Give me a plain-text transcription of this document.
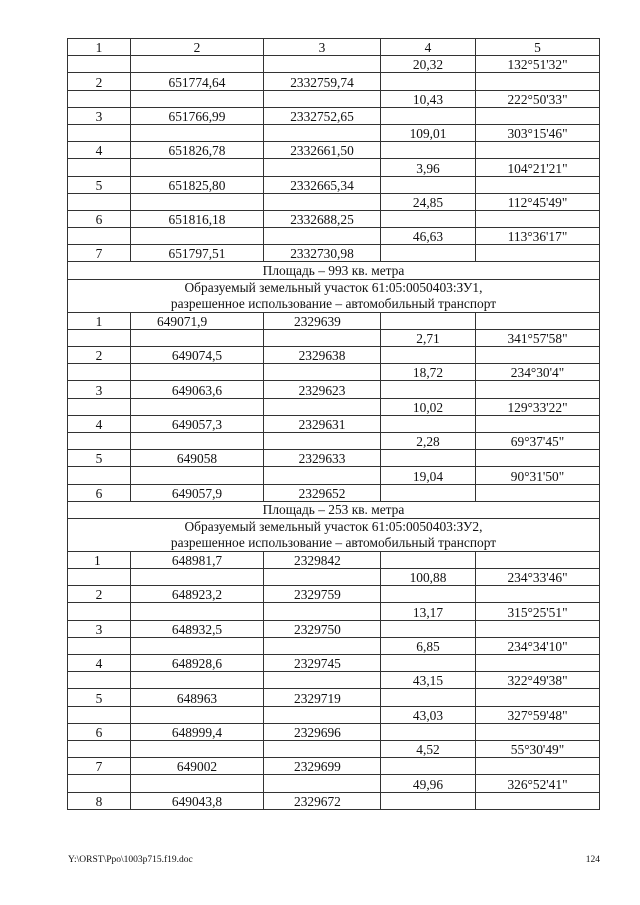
1	2	3	4	5
			20,32	132°51'32"
2	651774,64	2332759,74		
			10,43	222°50'33"
3	651766,99	2332752,65		
			109,01	303°15'46"
4	651826,78	2332661,50		
			3,96	104°21'21"
5	651825,80	2332665,34		
			24,85	112°45'49"
6	651816,18	2332688,25		
			46,63	113°36'17"
7	651797,51	2332730,98		
Площадь – 993 кв. метра				

Образуемый земельный участок 61:05:0050403:ЗУ1,
разрешенное использование – автомобильный транспорт				

1	649071,9	2329639		
			2,71	341°57'58"
2	649074,5	2329638		
			18,72	234°30'4"
3	649063,6	2329623		
			10,02	129°33'22"
4	649057,3	2329631		
			2,28	69°37'45"
5	649058	2329633		
			19,04	90°31'50"
6	649057,9	2329652		
Площадь – 253 кв. метра				

Образуемый земельный участок 61:05:0050403:ЗУ2,
разрешенное использование – автомобильный транспорт				

1	648981,7	2329842		
			100,88	234°33'46"
2	648923,2	2329759		
			13,17	315°25'51"
3	648932,5	2329750		
			6,85	234°34'10"
4	648928,6	2329745		
			43,15	322°49'38"
5	648963	2329719		
			43,03	327°59'48"
6	648999,4	2329696		
			4,52	55°30'49"
7	649002	2329699		
			49,96	326°52'41"
8	649043,8	2329672		
Y:\ORST\Ppo\1003p715.f19.doc	124
